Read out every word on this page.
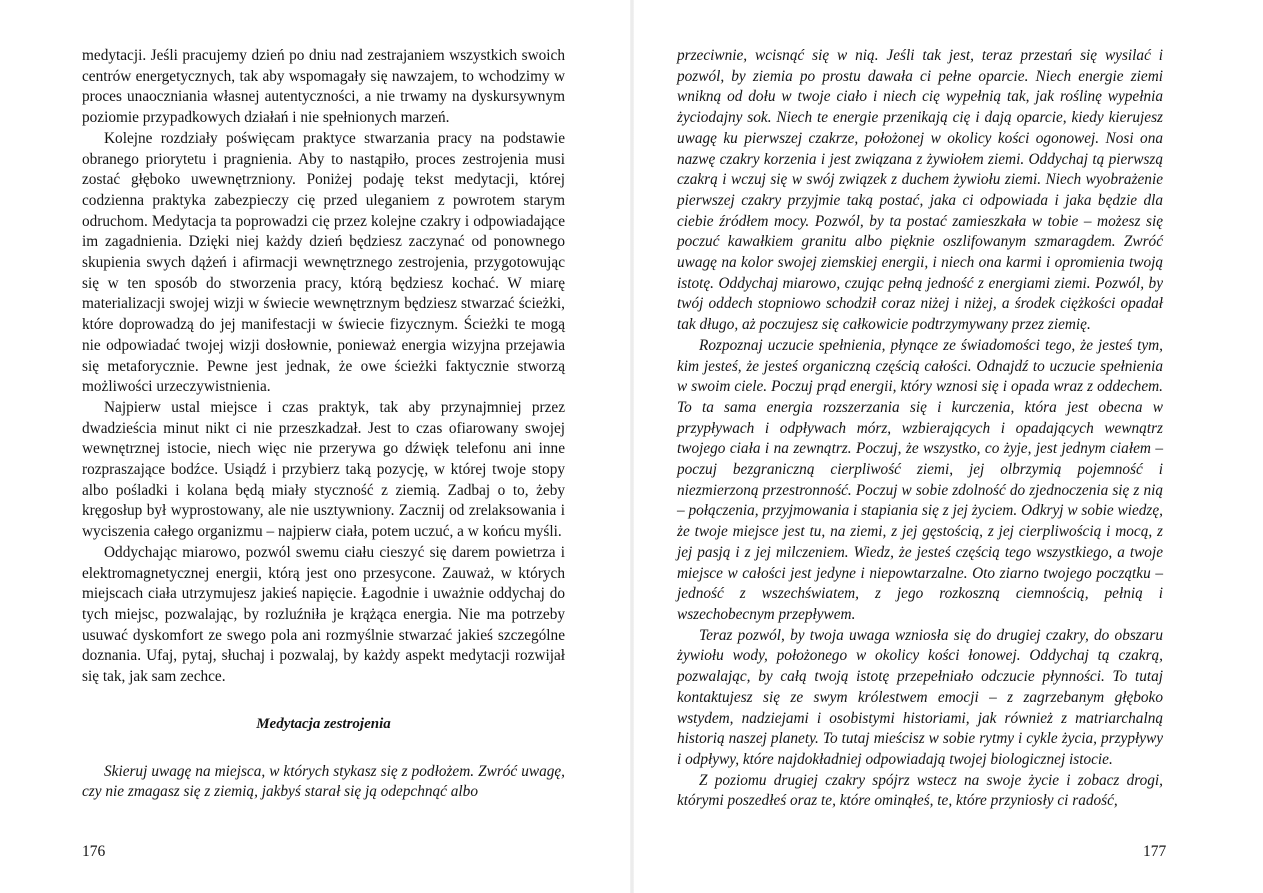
medytacji. Jeśli pracujemy dzień po dniu nad zestrajaniem wszystkich swoich centrów energetycznych, tak aby wspomagały się nawzajem, to wchodzimy w proces unaoczniania własnej autentyczności, a nie trwamy na dyskursywnym poziomie przypadkowych działań i nie spełnionych marzeń.

Kolejne rozdziały poświęcam praktyce stwarzania pracy na podstawie obranego priorytetu i pragnienia. Aby to nastąpiło, proces zestrojenia musi zostać głęboko uwewnętrzniony. Poniżej podaję tekst medytacji, której codzienna praktyka zabezpieczy cię przed uleganiem z powrotem starym odruchom. Medytacja ta poprowadzi cię przez kolejne czakry i odpowiadające im zagadnienia. Dzięki niej każdy dzień będziesz zaczynać od ponownego skupienia swych dążeń i afirmacji wewnętrznego zestrojenia, przygotowując się w ten sposób do stworzenia pracy, którą będziesz kochać. W miarę materializacji swojej wizji w świecie wewnętrznym będziesz stwarzać ścieżki, które doprowadzą do jej manifestacji w świecie fizycznym. Ścieżki te mogą nie odpowiadać twojej wizji dosłownie, ponieważ energia wizyjna przejawia się metaforycznie. Pewne jest jednak, że owe ścieżki faktycznie stworzą możliwości urzeczywistnienia.

Najpierw ustal miejsce i czas praktyk, tak aby przynajmniej przez dwadzieścia minut nikt ci nie przeszkadzał. Jest to czas ofiarowany swojej wewnętrznej istocie, niech więc nie przerywa go dźwięk telefonu ani inne rozpraszające bodźce. Usiądź i przybierz taką pozycję, w której twoje stopy albo pośladki i kolana będą miały styczność z ziemią. Zadbaj o to, żeby kręgosłup był wyprostowany, ale nie usztywniony. Zacznij od zrelaksowania i wyciszenia całego organizmu – najpierw ciała, potem uczuć, a w końcu myśli.

Oddychając miarowo, pozwól swemu ciału cieszyć się darem powietrza i elektromagnetycznej energii, którą jest ono przesycone. Zauważ, w których miejscach ciała utrzymujesz jakieś napięcie. Łagodnie i uważnie oddychaj do tych miejsc, pozwalając, by rozluźniła je krążąca energia. Nie ma potrzeby usuwać dyskomfort ze swego pola ani rozmyślnie stwarzać jakieś szczególne doznania. Ufaj, pytaj, słuchaj i pozwalaj, by każdy aspekt medytacji rozwijał się tak, jak sam zechce.

Medytacja zestrojenia

Skieruj uwagę na miejsca, w których stykasz się z podłożem. Zwróć uwagę, czy nie zmagasz się z ziemią, jakbyś starał się ją odepchnąć albo

przeciwnie, wcisnąć się w nią. Jeśli tak jest, teraz przestań się wysilać i pozwól, by ziemia po prostu dawała ci pełne oparcie. Niech energie ziemi wnikną od dołu w twoje ciało i niech cię wypełnią tak, jak roślinę wypełnia życiodajny sok. Niech te energie przenikają cię i dają oparcie, kiedy kierujesz uwagę ku pierwszej czakrze, położonej w okolicy kości ogonowej. Nosi ona nazwę czakry korzenia i jest związana z żywiołem ziemi. Oddychaj tą pierwszą czakrą i wczuj się w swój związek z duchem żywiołu ziemi. Niech wyobrażenie pierwszej czakry przyjmie taką postać, jaka ci odpowiada i jaka będzie dla ciebie źródłem mocy. Pozwól, by ta postać zamieszkała w tobie – możesz się poczuć kawałkiem granitu albo pięknie oszlifowanym szmaragdem. Zwróć uwagę na kolor swojej ziemskiej energii, i niech ona karmi i opromienia twoją istotę. Oddychaj miarowo, czując pełną jedność z energiami ziemi. Pozwól, by twój oddech stopniowo schodził coraz niżej i niżej, a środek ciężkości opadał tak długo, aż poczujesz się całkowicie podtrzymywany przez ziemię.

Rozpoznaj uczucie spełnienia, płynące ze świadomości tego, że jesteś tym, kim jesteś, że jesteś organiczną częścią całości. Odnajdź to uczucie spełnienia w swoim ciele. Poczuj prąd energii, który wznosi się i opada wraz z oddechem. To ta sama energia rozszerzania się i kurczenia, która jest obecna w przypływach i odpływach mórz, wzbierających i opadających wewnątrz twojego ciała i na zewnątrz. Poczuj, że wszystko, co żyje, jest jednym ciałem – poczuj bezgraniczną cierpliwość ziemi, jej olbrzymią pojemność i niezmierzoną przestronność. Poczuj w sobie zdolność do zjednoczenia się z nią – połączenia, przyjmowania i stapiania się z jej życiem. Odkryj w sobie wiedzę, że twoje miejsce jest tu, na ziemi, z jej gęstością, z jej cierpliwością i mocą, z jej pasją i z jej milczeniem. Wiedz, że jesteś częścią tego wszystkiego, a twoje miejsce w całości jest jedyne i niepowtarzalne. Oto ziarno twojego początku – jedność z wszechświatem, z jego rozkoszną ciemnością, pełnią i wszechobecnym przepływem.

Teraz pozwól, by twoja uwaga wzniosła się do drugiej czakry, do obszaru żywiołu wody, położonego w okolicy kości łonowej. Oddychaj tą czakrą, pozwalając, by całą twoją istotę przepełniało odczucie płynności. To tutaj kontaktujesz się ze swym królestwem emocji – z zagrzebanym głęboko wstydem, nadziejami i osobistymi historiami, jak również z matriarchalną historią naszej planety. To tutaj mieścisz w sobie rytmy i cykle życia, przypływy i odpływy, które najdokładniej odpowiadają twojej biologicznej istocie.

Z poziomu drugiej czakry spójrz wstecz na swoje życie i zobacz drogi, którymi poszedłeś oraz te, które ominąłeś, te, które przyniosły ci radość,

176	177
